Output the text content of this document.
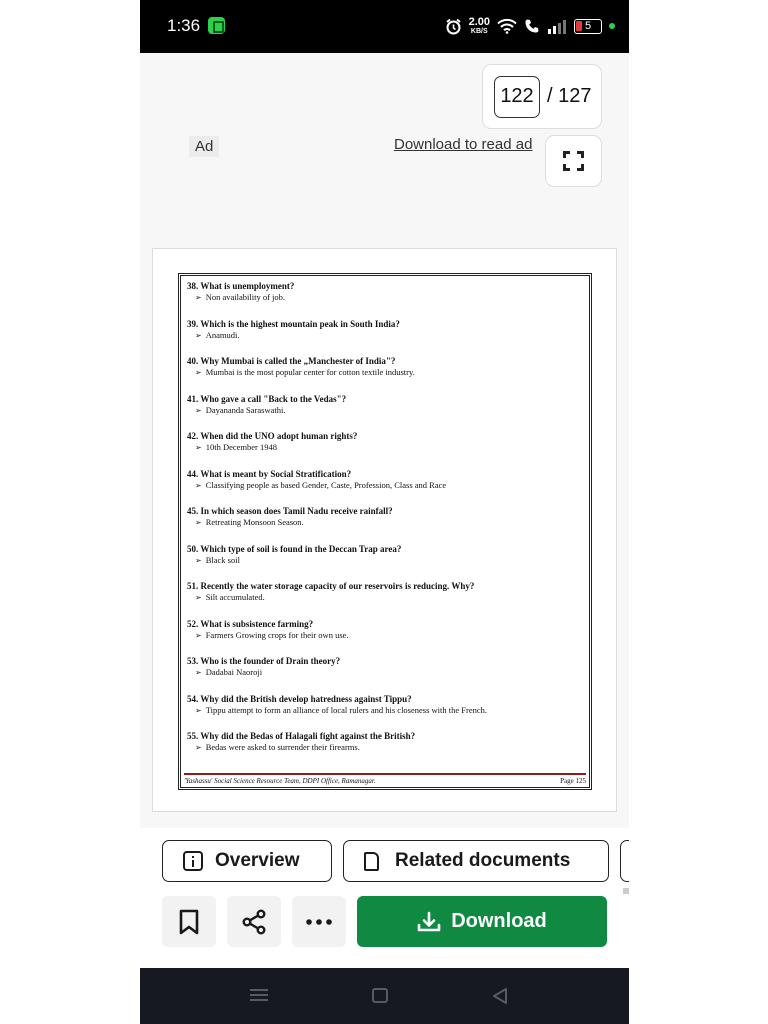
1:36	2.00
KB/S	5
122 / 127
Ad	Download to read ad
38. What is unemployment?
➢ Non availability of job.
39. Which is the highest mountain peak in South India?
➢ Anamudi.
40. Why Mumbai is called the „Manchester of India"?
➢ Mumbai is the most popular center for cotton textile industry.
41. Who gave a call "Back to the Vedas"?
➢ Dayananda Saraswathi.
42. When did the UNO adopt human rights?
➢ 10th December 1948
44. What is meant by Social Stratification?
➢ Classifying people as based Gender, Caste, Profession, Class and Race
45. In which season does Tamil Nadu receive rainfall?
➢ Retreating Monsoon Season.
50. Which type of soil is found in the Deccan Trap area?
➢ Black soil
51. Recently the water storage capacity of our reservoirs is reducing. Why?
➢ Silt accumulated.
52. What is subsistence farming?
➢ Farmers Growing crops for their own use.
53. Who is the founder of Drain theory?
➢ Dadabai Naoroji
54. Why did the British develop hatredness against Tippu?
➢ Tippu attempt to form an alliance of local rulers and his closeness with the French.
55. Why did the Bedas of Halagali fight against the British?
➢ Bedas were asked to surrender their firearms.
'Yashassu' Social Science Resource Team, DDPI Office, Ramanagar.	Page 125
Overview	Related documents
Download
